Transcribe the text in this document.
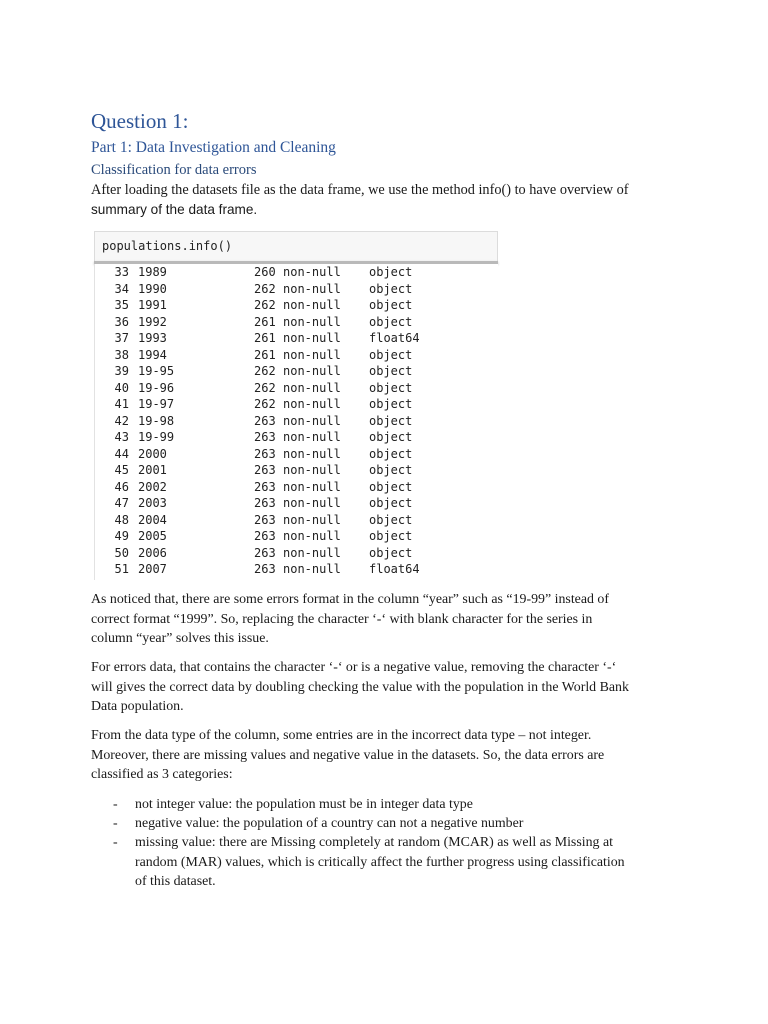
Question 1:
Part 1: Data Investigation and Cleaning
Classification for data errors
After loading the datasets file as the data frame, we use the method info() to have overview of
summary of the data frame.
populations.info()
33 1989	260 non-null object
34 1990	262 non-null object
35 1991	262 non-null object
36 1992	261 non-null object
37 1993	261 non-null float64
38 1994	261 non-null object
39 19-95	262 non-null object
40 19-96	262 non-null object
41 19-97	262 non-null object
42 19-98	263 non-null object
43 19-99	263 non-null object
44 2000	263 non-null object
45 2001	263 non-null object
46 2002	263 non-null object
47 2003	263 non-null object
48 2004	263 non-null object
49 2005	263 non-null object
50 2006	263 non-null object
51 2007	263 non-null float64
As noticed that, there are some errors format in the column “year” such as “19-99” instead of
correct format “1999”. So, replacing the character ‘-‘ with blank character for the series in
column “year” solves this issue.
For errors data, that contains the character ‘-‘ or is a negative value, removing the character ‘-‘
will gives the correct data by doubling checking the value with the population in the World Bank
Data population.
From the data type of the column, some entries are in the incorrect data type – not integer.
Moreover, there are missing values and negative value in the datasets. So, the data errors are
classified as 3 categories:
- not integer value: the population must be in integer data type
- negative value: the population of a country can not a negative number
- missing value: there are Missing completely at random (MCAR) as well as Missing at
random (MAR) values, which is critically affect the further progress using classification
of this dataset.
